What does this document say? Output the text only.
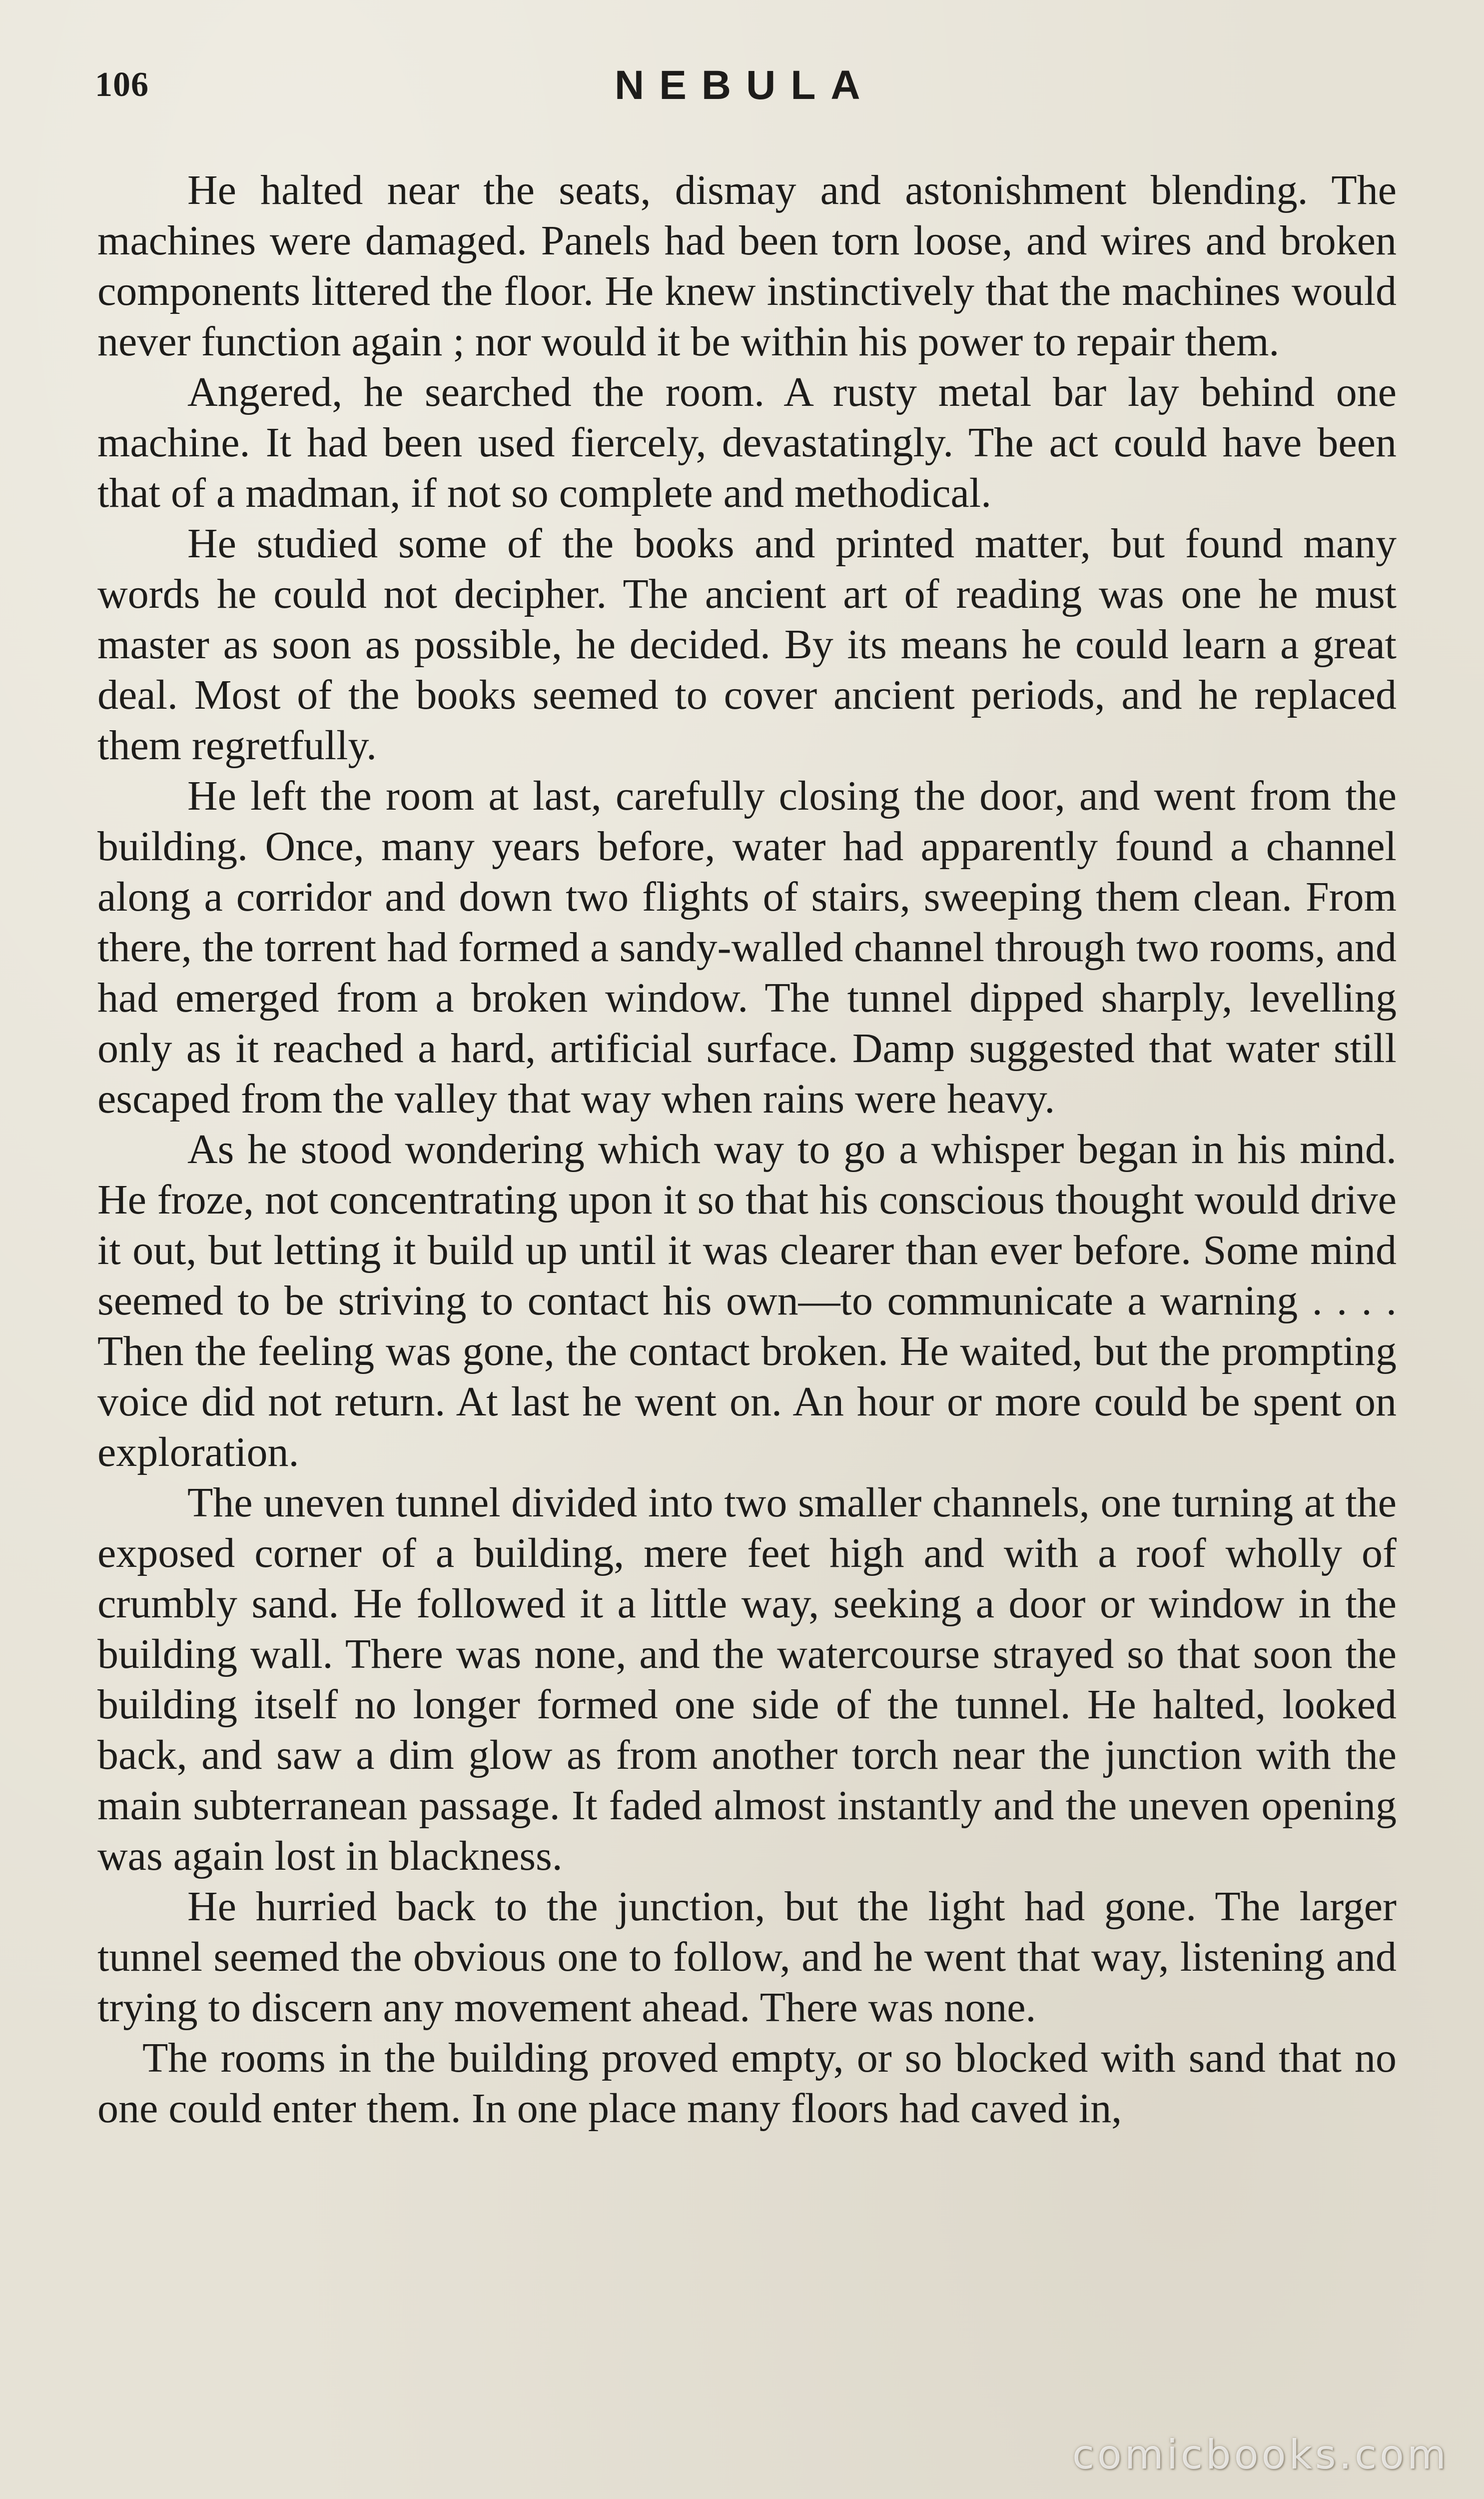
106	NEBULA

He halted near the seats, dismay and astonishment blending. The machines were damaged. Panels had been torn loose, and wires and broken components littered the floor. He knew instinctively that the machines would never function again ; nor would it be within his power to repair them.

Angered, he searched the room. A rusty metal bar lay behind one machine. It had been used fiercely, devastatingly. The act could have been that of a madman, if not so complete and methodical.

He studied some of the books and printed matter, but found many words he could not decipher. The ancient art of reading was one he must master as soon as possible, he decided. By its means he could learn a great deal. Most of the books seemed to cover ancient periods, and he replaced them regretfully.

He left the room at last, carefully closing the door, and went from the building. Once, many years before, water had apparently found a channel along a corridor and down two flights of stairs, sweeping them clean. From there, the torrent had formed a sandy-walled channel through two rooms, and had emerged from a broken window. The tunnel dipped sharply, levelling only as it reached a hard, artificial surface. Damp suggested that water still escaped from the valley that way when rains were heavy.

As he stood wondering which way to go a whisper began in his mind. He froze, not concentrating upon it so that his conscious thought would drive it out, but letting it build up until it was clearer than ever before. Some mind seemed to be striving to contact his own—to communicate a warning . . . . Then the feeling was gone, the contact broken. He waited, but the prompting voice did not return. At last he went on. An hour or more could be spent on exploration.

The uneven tunnel divided into two smaller channels, one turning at the exposed corner of a building, mere feet high and with a roof wholly of crumbly sand. He followed it a little way, seeking a door or window in the building wall. There was none, and the watercourse strayed so that soon the building itself no longer formed one side of the tunnel. He halted, looked back, and saw a dim glow as from another torch near the junction with the main subterranean passage. It faded almost instantly and the uneven opening was again lost in blackness.

He hurried back to the junction, but the light had gone. The larger tunnel seemed the obvious one to follow, and he went that way, listening and trying to discern any movement ahead. There was none.

The rooms in the building proved empty, or so blocked with sand that no one could enter them. In one place many floors had caved in,

comicbooks.com
